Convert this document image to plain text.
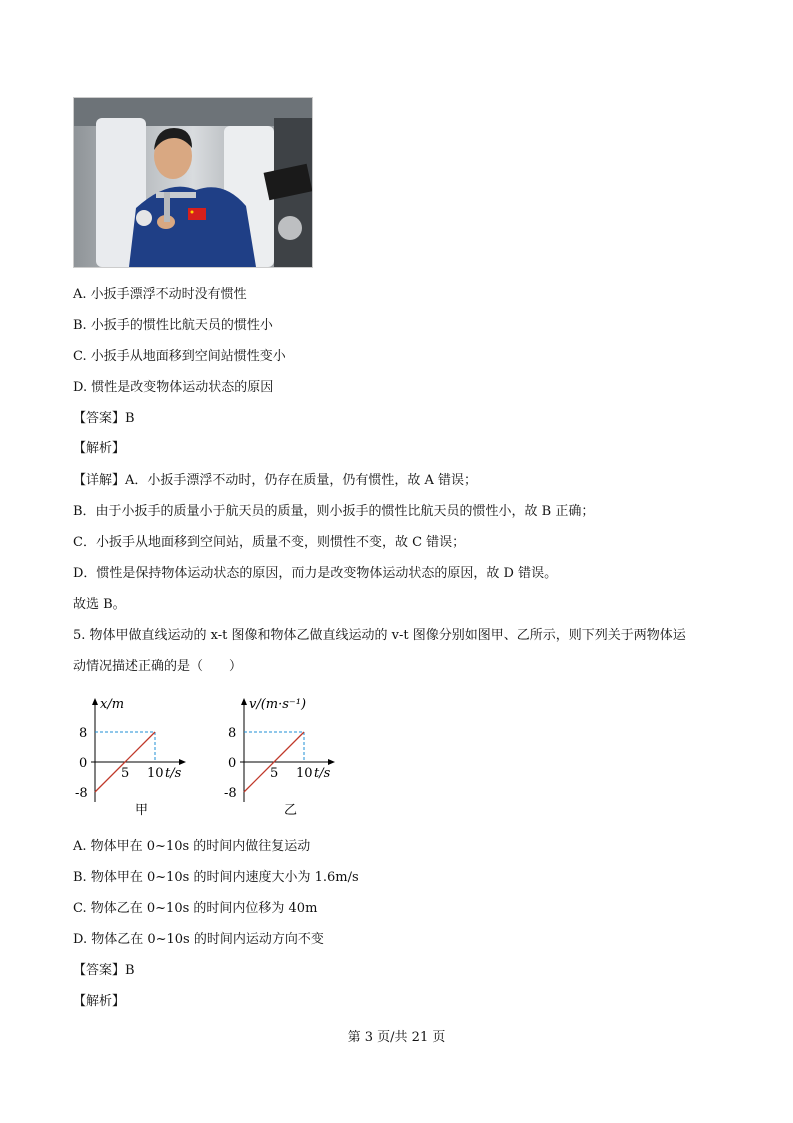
A. 小扳手漂浮不动时没有惯性
B. 小扳手的惯性比航天员的惯性小
C. 小扳手从地面移到空间站惯性变小
D. 惯性是改变物体运动状态的原因
【答案】B
【解析】
【详解】A．小扳手漂浮不动时，仍存在质量，仍有惯性，故 A 错误；
B．由于小扳手的质量小于航天员的质量，则小扳手的惯性比航天员的惯性小，故 B 正确；
C．小扳手从地面移到空间站，质量不变，则惯性不变，故 C 错误；
D．惯性是保持物体运动状态的原因，而力是改变物体运动状态的原因，故 D 错误。
故选 B。
5. 物体甲做直线运动的 x-t 图像和物体乙做直线运动的 v-t 图像分别如图甲、乙所示，则下列关于两物体运
动情况描述正确的是（　　）
x/m
t/s
8
0
-8
5 10
甲
v/(m·s⁻¹)
t/s
8
0
-8
5 10
乙
A. 物体甲在 0~10s 的时间内做往复运动
B. 物体甲在 0~10s 的时间内速度大小为 1.6m/s
C. 物体乙在 0~10s 的时间内位移为 40m
D. 物体乙在 0~10s 的时间内运动方向不变
【答案】B
【解析】
第 3 页/共 21 页
